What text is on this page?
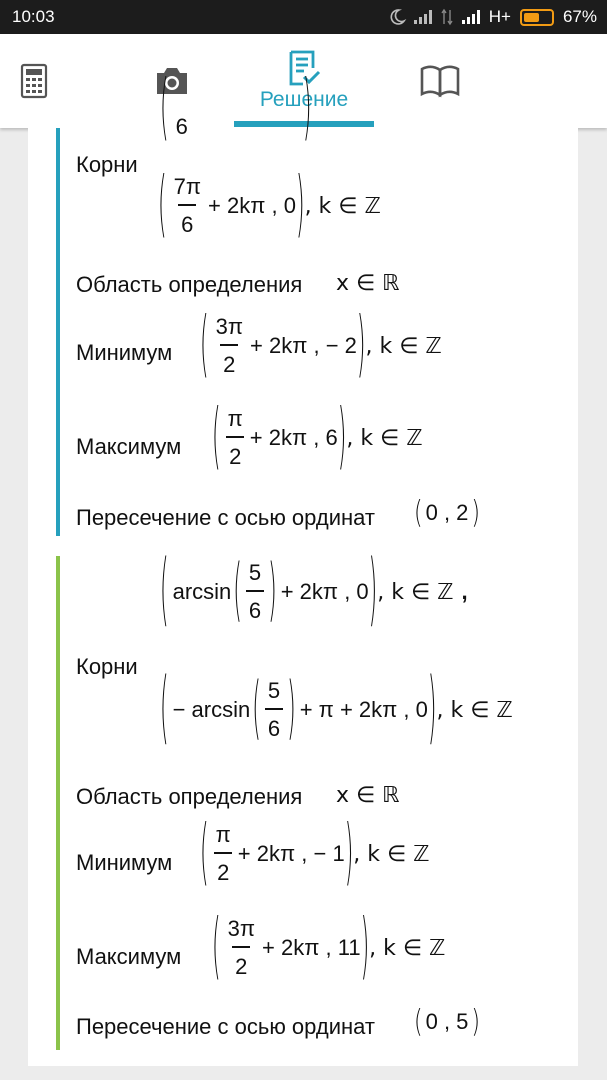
10:03	H+	67%
Решение
( 6	)
Корни
( $\frac{7\pi}{6} + 2k\pi$ , 0 ) , k ∈ ℤ
Область определения x ∈ ℝ
Минимум ( $\frac{3\pi}{2} + 2k\pi$ , − 2 ) , k ∈ ℤ
Максимум ( $\frac{\pi}{2} + 2k\pi$ , 6 ) , k ∈ ℤ
Пересечение с осью ординат ( 0 , 2 )
( arcsin ( $\frac{5}{6}$ ) + 2kπ , 0 ) , k ∈ ℤ ,
Корни ( − arcsin ( $\frac{5}{6}$ ) + π + 2kπ , 0 ) , k ∈ ℤ
Область определения x ∈ ℝ
Минимум ( $\frac{\pi}{2} + 2k\pi$ , − 1 ) , k ∈ ℤ
Максимум ( $\frac{3\pi}{2} + 2k\pi$ , 11 ) , k ∈ ℤ
Пересечение с осью ординат ( 0 , 5 )
